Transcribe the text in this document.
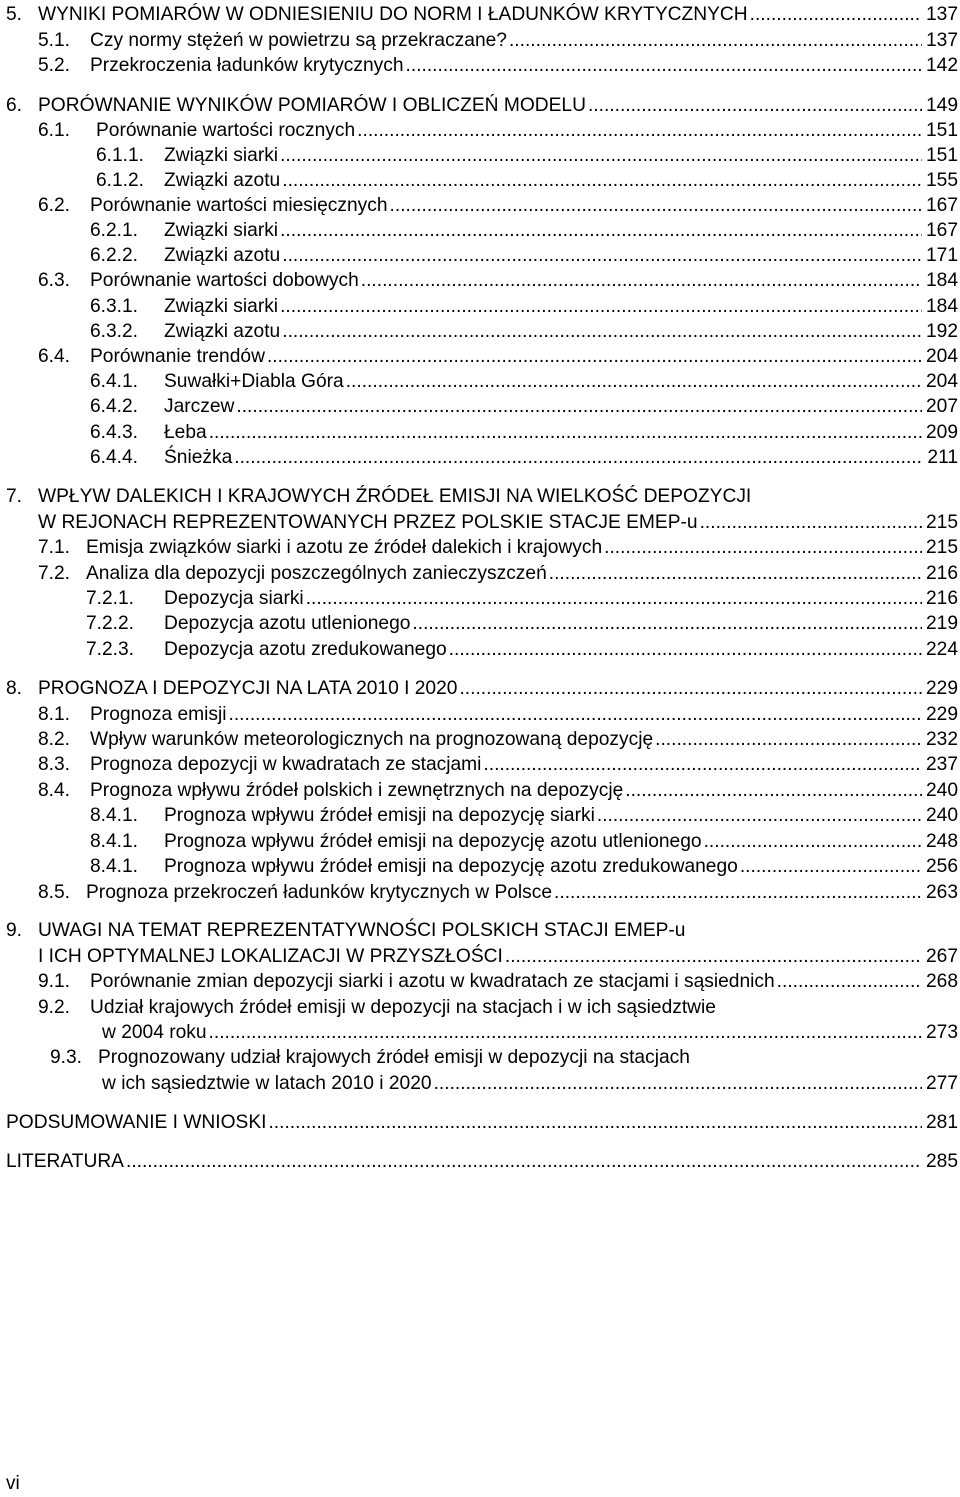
5. WYNIKI POMIARÓW W ODNIESIENIU DO NORM I ŁADUNKÓW KRYTYCZNYCH .....	137
5.1. Czy normy stężeń w powietrzu są przekraczane? .....	137
5.2. Przekroczenia ładunków krytycznych .....	142
6. PORÓWNANIE WYNIKÓW POMIARÓW I OBLICZEŃ MODELU .....	149
6.1. Porównanie wartości rocznych .....	151
6.1.1. Związki siarki .....	151
6.1.2. Związki azotu .....	155
6.2. Porównanie wartości miesięcznych .....	167
6.2.1. Związki siarki .....	167
6.2.2. Związki azotu .....	171
6.3. Porównanie wartości dobowych .....	184
6.3.1. Związki siarki .....	184
6.3.2. Związki azotu .....	192
6.4. Porównanie trendów .....	204
6.4.1. Suwałki+Diabla Góra .....	204
6.4.2. Jarczew .....	207
6.4.3. Łeba .....	209
6.4.4. Śnieżka .....	211
7. WPŁYW DALEKICH I KRAJOWYCH ŹRÓDEŁ EMISJI NA WIELKOŚĆ DEPOZYCJI
W REJONACH REPREZENTOWANYCH PRZEZ POLSKIE STACJE EMEP-u .....	215
7.1. Emisja związków siarki i azotu ze źródeł dalekich i krajowych .....	215
7.2. Analiza dla depozycji poszczególnych zanieczyszczeń .....	216
7.2.1. Depozycja siarki .....	216
7.2.2. Depozycja azotu utlenionego .....	219
7.2.3. Depozycja azotu zredukowanego .....	224
8. PROGNOZA I DEPOZYCJI NA LATA 2010 I 2020 .....	229
8.1. Prognoza emisji .....	229
8.2. Wpływ warunków meteorologicznych na prognozowaną depozycję .....	232
8.3. Prognoza depozycji w kwadratach ze stacjami .....	237
8.4. Prognoza wpływu źródeł polskich i zewnętrznych na depozycję .....	240
8.4.1. Prognoza wpływu źródeł emisji na depozycję siarki .....	240
8.4.1. Prognoza wpływu źródeł emisji na depozycję azotu utlenionego .....	248
8.4.1. Prognoza wpływu źródeł emisji na depozycję azotu zredukowanego .....	256
8.5. Prognoza przekroczeń ładunków krytycznych w Polsce .....	263
9. UWAGI NA TEMAT REPREZENTATYWNOŚCI POLSKICH STACJI EMEP-u
I ICH OPTYMALNEJ LOKALIZACJI W PRZYSZŁOŚCI .....	267
9.1. Porównanie zmian depozycji siarki i azotu w kwadratach ze stacjami i sąsiednich .....	268
9.2. Udział krajowych źródeł emisji w depozycji na stacjach i w ich sąsiedztwie
w 2004 roku .....	273
9.3. Prognozowany udział krajowych źródeł emisji w depozycji na stacjach
w ich sąsiedztwie w latach 2010 i 2020 .....	277
PODSUMOWANIE I WNIOSKI .....	281
LITERATURA .....	285
vi
